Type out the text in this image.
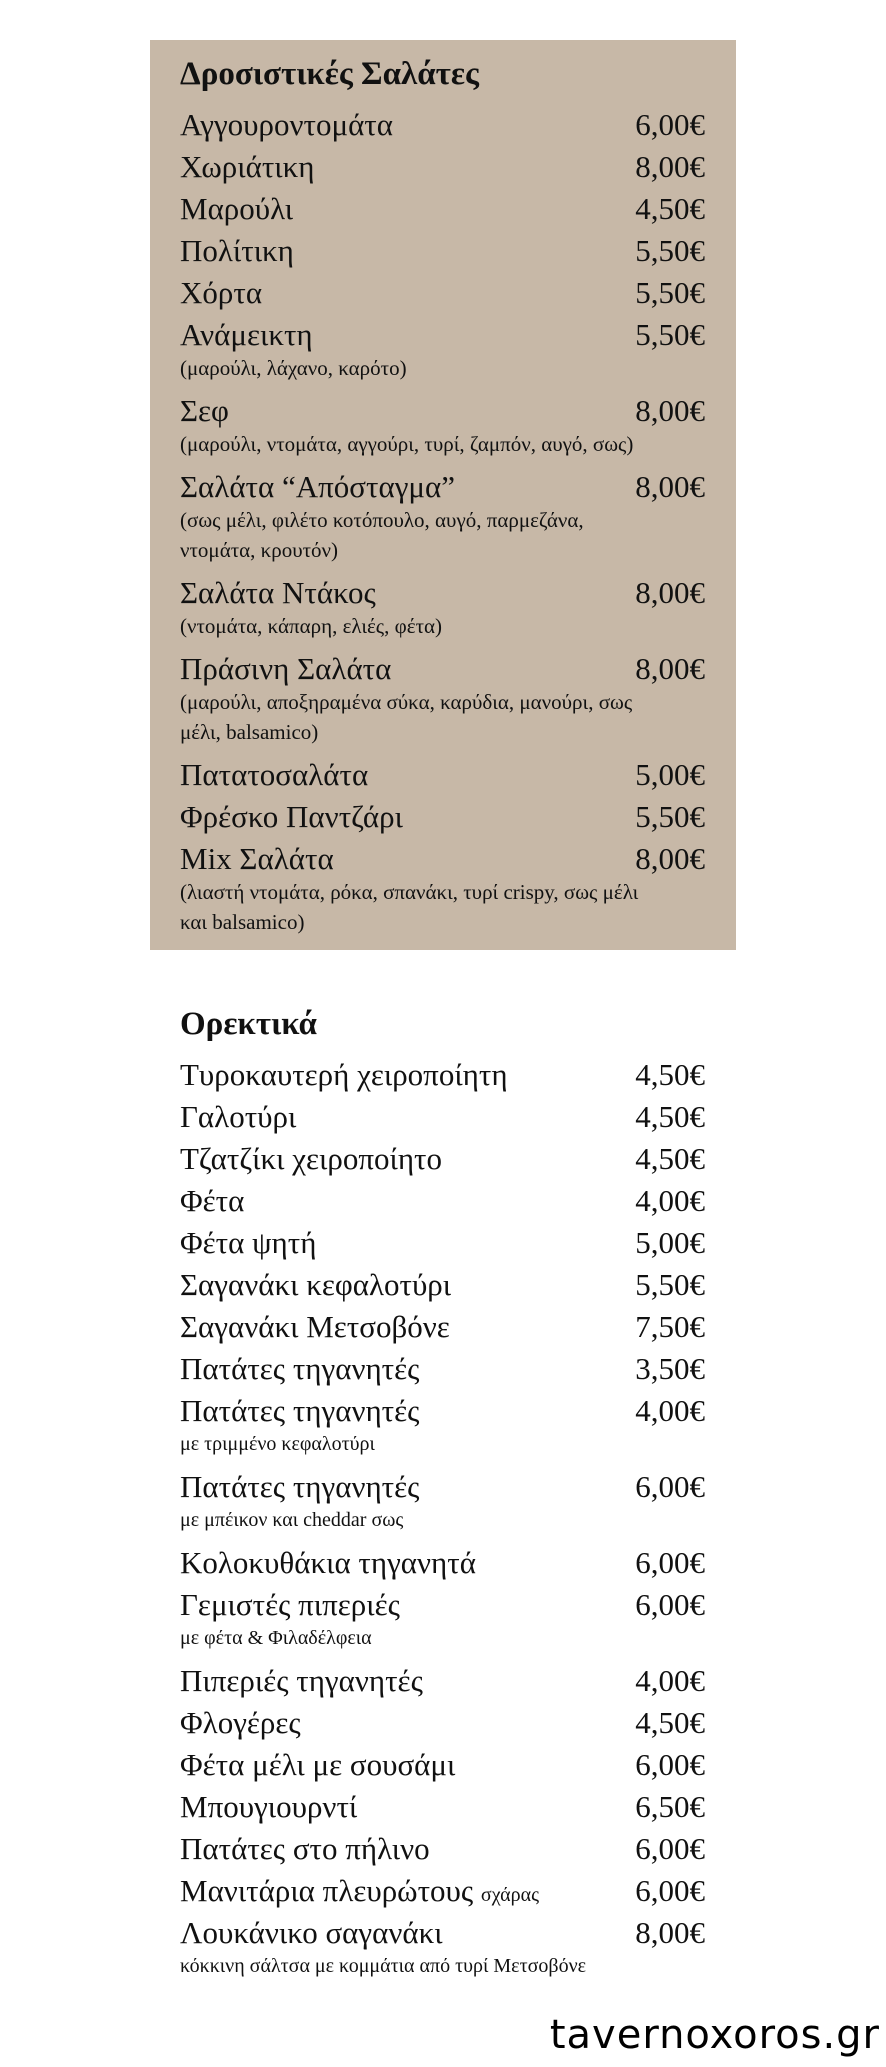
Δροσιστικές Σαλάτες
Αγγουροντομάτα	6,00€
Χωριάτικη	8,00€
Μαρούλι	4,50€
Πολίτικη	5,50€
Χόρτα	5,50€
Ανάμεικτη	5,50€
(μαρούλι, λάχανο, καρότο)
Σεφ	8,00€
(μαρούλι, ντομάτα, αγγούρι, τυρί, ζαμπόν, αυγό, σως)
Σαλάτα “Απόσταγμα”	8,00€
(σως μέλι, φιλέτο κοτόπουλο, αυγό, παρμεζάνα, ντομάτα, κρουτόν)
Σαλάτα Ντάκος	8,00€
(ντομάτα, κάπαρη, ελιές, φέτα)
Πράσινη Σαλάτα	8,00€
(μαρούλι, αποξηραμένα σύκα, καρύδια, μανούρι, σως μέλι, balsamico)
Πατατοσαλάτα	5,00€
Φρέσκο Παντζάρι	5,50€
Mix Σαλάτα	8,00€
(λιαστή ντομάτα, ρόκα, σπανάκι, τυρί crispy, σως μέλι και balsamico)
Ορεκτικά
Τυροκαυτερή χειροποίητη	4,50€
Γαλοτύρι	4,50€
Τζατζίκι χειροποίητο	4,50€
Φέτα	4,00€
Φέτα ψητή	5,00€
Σαγανάκι κεφαλοτύρι	5,50€
Σαγανάκι Μετσοβόνε	7,50€
Πατάτες τηγανητές	3,50€
Πατάτες τηγανητές	4,00€
με τριμμένο κεφαλοτύρι
Πατάτες τηγανητές	6,00€
με μπέικον και cheddar σως
Κολοκυθάκια τηγανητά	6,00€
Γεμιστές πιπεριές	6,00€
με φέτα & Φιλαδέλφεια
Πιπεριές τηγανητές	4,00€
Φλογέρες	4,50€
Φέτα μέλι με σουσάμι	6,00€
Μπουγιουρντί	6,50€
Πατάτες στο πήλινο	6,00€
Μανιτάρια πλευρώτους σχάρας	6,00€
Λουκάνικο σαγανάκι	8,00€
κόκκινη σάλτσα με κομμάτια από τυρί Μετσοβόνε
tavernoxoros.gr
